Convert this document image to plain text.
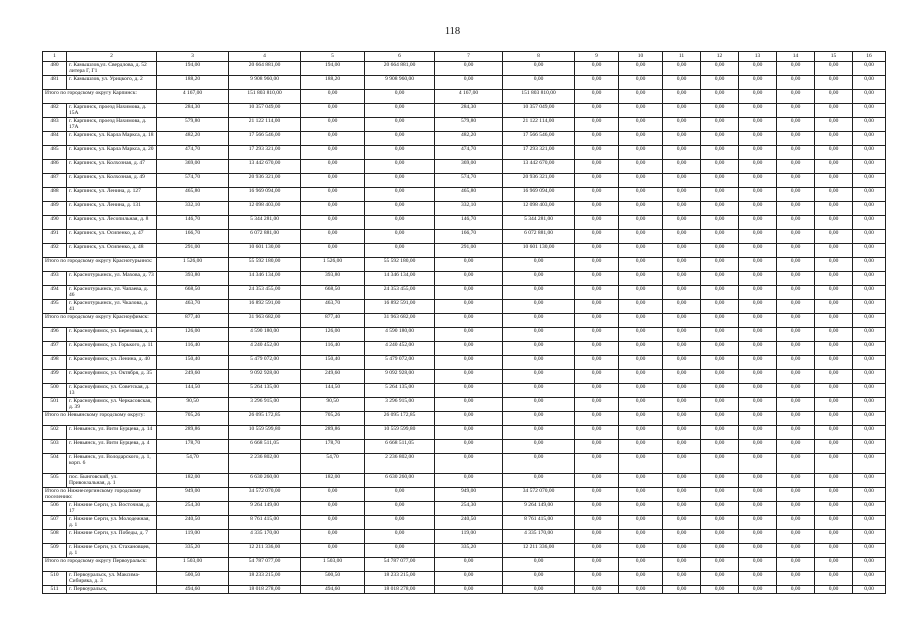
118
1	2	3	4	5	6	7	8	9	10	11	12	13	14	15	16
480	г. Камышлов,ул. Свердлова, д. 52 литера Г, Г1	194,00	20 664 881,00	194,00	20 664 881,00	0,00	0,00	0,00	0,00	0,00	0,00	0,00	0,00	0,00	0,00
481	г. Камышлов, ул. Урицкого, д. 2	188,20	9 908 960,00	188,20	9 908 960,00	0,00	0,00	0,00	0,00	0,00	0,00	0,00	0,00	0,00	0,00
Итого по городскому округу Карпинск:		4 167,00	151 803 810,00	0,00	0,00	4 167,00	151 803 810,00	0,00	0,00	0,00	0,00	0,00	0,00	0,00	0,00
482	г. Карпинск, проезд Нахимова, д. 15А	284,30	10 357 049,00	0,00	0,00	284,30	10 357 049,00	0,00	0,00	0,00	0,00	0,00	0,00	0,00	0,00
483	г. Карпинск, проезд Нахимова, д. 17А	579,80	21 122 114,00	0,00	0,00	579,80	21 122 114,00	0,00	0,00	0,00	0,00	0,00	0,00	0,00	0,00
484	г. Карпинск, ул. Карла Маркса, д. 18	482,20	17 566 546,00	0,00	0,00	482,20	17 566 546,00	0,00	0,00	0,00	0,00	0,00	0,00	0,00	0,00
485	г. Карпинск, ул. Карла Маркса, д. 20	474,70	17 293 321,00	0,00	0,00	474,70	17 293 321,00	0,00	0,00	0,00	0,00	0,00	0,00	0,00	0,00
486	г. Карпинск, ул. Колхозная, д. 47	369,00	13 442 670,00	0,00	0,00	369,00	13 442 670,00	0,00	0,00	0,00	0,00	0,00	0,00	0,00	0,00
487	г. Карпинск, ул. Колхозная, д. 49	574,70	20 936 321,00	0,00	0,00	574,70	20 936 321,00	0,00	0,00	0,00	0,00	0,00	0,00	0,00	0,00
488	г. Карпинск, ул. Ленина, д. 127	465,80	16 969 094,00	0,00	0,00	465,80	16 969 094,00	0,00	0,00	0,00	0,00	0,00	0,00	0,00	0,00
489	г. Карпинск, ул. Ленина, д. 131	332,10	12 098 403,00	0,00	0,00	332,10	12 098 403,00	0,00	0,00	0,00	0,00	0,00	0,00	0,00	0,00
490	г. Карпинск, ул. Лесопильная, д. 8	146,70	5 344 281,00	0,00	0,00	146,70	5 344 281,00	0,00	0,00	0,00	0,00	0,00	0,00	0,00	0,00
491	г. Карпинск, ул. Осипенко, д. 47	166,70	6 072 881,00	0,00	0,00	166,70	6 072 881,00	0,00	0,00	0,00	0,00	0,00	0,00	0,00	0,00
492	г. Карпинск, ул. Осипенко, д. 48	291,00	10 601 130,00	0,00	0,00	291,00	10 601 130,00	0,00	0,00	0,00	0,00	0,00	0,00	0,00	0,00
Итого по городскому округу Краснотурьинск:		1 526,00	55 592 180,00	1 526,00	55 592 180,00	0,00	0,00	0,00	0,00	0,00	0,00	0,00	0,00	0,00	0,00
493	г. Краснотурьинск, ул. Махова, д. 73	393,80	14 346 134,00	393,80	14 346 134,00	0,00	0,00	0,00	0,00	0,00	0,00	0,00	0,00	0,00	0,00
494	г. Краснотурьинск, ул. Чапаева, д. 46	668,50	24 353 455,00	668,50	24 353 455,00	0,00	0,00	0,00	0,00	0,00	0,00	0,00	0,00	0,00	0,00
495	г. Краснотурьинск, ул. Чкалова, д. 41	463,70	16 892 591,00	463,70	16 892 591,00	0,00	0,00	0,00	0,00	0,00	0,00	0,00	0,00	0,00	0,00
Итого по городскому округу Красноуфимск:		877,40	31 963 682,00	877,40	31 963 682,00	0,00	0,00	0,00	0,00	0,00	0,00	0,00	0,00	0,00	0,00
496	г. Красноуфимск, ул. Березовая, д. 1	126,00	4 590 180,00	126,00	4 590 180,00	0,00	0,00	0,00	0,00	0,00	0,00	0,00	0,00	0,00	0,00
497	г. Красноуфимск, ул. Горького, д. 11	116,40	4 240 452,00	116,40	4 240 452,00	0,00	0,00	0,00	0,00	0,00	0,00	0,00	0,00	0,00	0,00
498	г. Красноуфимск, ул. Ленина, д. 40	150,40	5 479 072,00	150,40	5 479 072,00	0,00	0,00	0,00	0,00	0,00	0,00	0,00	0,00	0,00	0,00
499	г. Красноуфимск, ул. Октября, д. 35	249,60	9 092 928,00	249,60	9 092 928,00	0,00	0,00	0,00	0,00	0,00	0,00	0,00	0,00	0,00	0,00
500	г. Красноуфимск, ул. Советская, д. 13	144,50	5 264 135,00	144,50	5 264 135,00	0,00	0,00	0,00	0,00	0,00	0,00	0,00	0,00	0,00	0,00
501	г. Красноуфимск, ул. Черкасовская, д. 39	90,50	3 296 915,00	90,50	3 296 915,00	0,00	0,00	0,00	0,00	0,00	0,00	0,00	0,00	0,00	0,00
Итого по Невьянскому городскому округу:		705,26	26 095 172,85	705,26	26 095 172,85	0,00	0,00	0,00	0,00	0,00	0,00	0,00	0,00	0,00	0,00
502	г. Невьянск, ул. Вити Бурцева, д. 14	289,86	10 559 599,80	289,86	10 559 599,80	0,00	0,00	0,00	0,00	0,00	0,00	0,00	0,00	0,00	0,00
503	г. Невьянск, ул. Вити Бурцева, д. 4	178,70	6 668 511,05	178,70	6 668 511,05	0,00	0,00	0,00	0,00	0,00	0,00	0,00	0,00	0,00	0,00
504	г. Невьянск, ул. Володарского, д. 1, корп. 6	54,70	2 236 802,00	54,70	2 236 802,00	0,00	0,00	0,00	0,00	0,00	0,00	0,00	0,00	0,00	0,00
505	пос. Бынговский, ул. Привокзальная, д. 1	182,00	6 630 260,00	182,00	6 630 260,00	0,00	0,00	0,00	0,00	0,00	0,00	0,00	0,00	0,00	0,00
Итого по Нижнесергинскому городскому поселению:		949,00	34 572 070,00	0,00	0,00	949,00	34 572 070,00	0,00	0,00	0,00	0,00	0,00	0,00	0,00	0,00
506	г. Нижние Серги, ул. Восточная, д. 17	254,30	9 264 149,00	0,00	0,00	254,30	9 264 149,00	0,00	0,00	0,00	0,00	0,00	0,00	0,00	0,00
507	г. Нижние Серги, ул. Молодежная, д. 1	240,50	8 761 415,00	0,00	0,00	240,50	8 761 415,00	0,00	0,00	0,00	0,00	0,00	0,00	0,00	0,00
508	г. Нижние Серги, ул. Победы, д. 7	119,00	4 335 170,00	0,00	0,00	119,00	4 335 170,00	0,00	0,00	0,00	0,00	0,00	0,00	0,00	0,00
509	г. Нижние Серги, ул. Стахановцев, д. 1	335,20	12 211 336,00	0,00	0,00	335,20	12 211 336,00	0,00	0,00	0,00	0,00	0,00	0,00	0,00	0,00
Итого по городскому округу Первоуральск:		1 503,00	54 787 077,00	1 503,00	54 787 077,00	0,00	0,00	0,00	0,00	0,00	0,00	0,00	0,00	0,00	0,00
510	г. Первоуральск, ул. Максима-Сибиряка, д. 3	500,50	18 233 215,00	500,50	18 233 215,00	0,00	0,00	0,00	0,00	0,00	0,00	0,00	0,00	0,00	0,00
511	г. Первоуральск,	494,60	18 018 278,00	494,60	18 018 278,00	0,00	0,00	0,00	0,00	0,00	0,00	0,00	0,00	0,00	0,00
